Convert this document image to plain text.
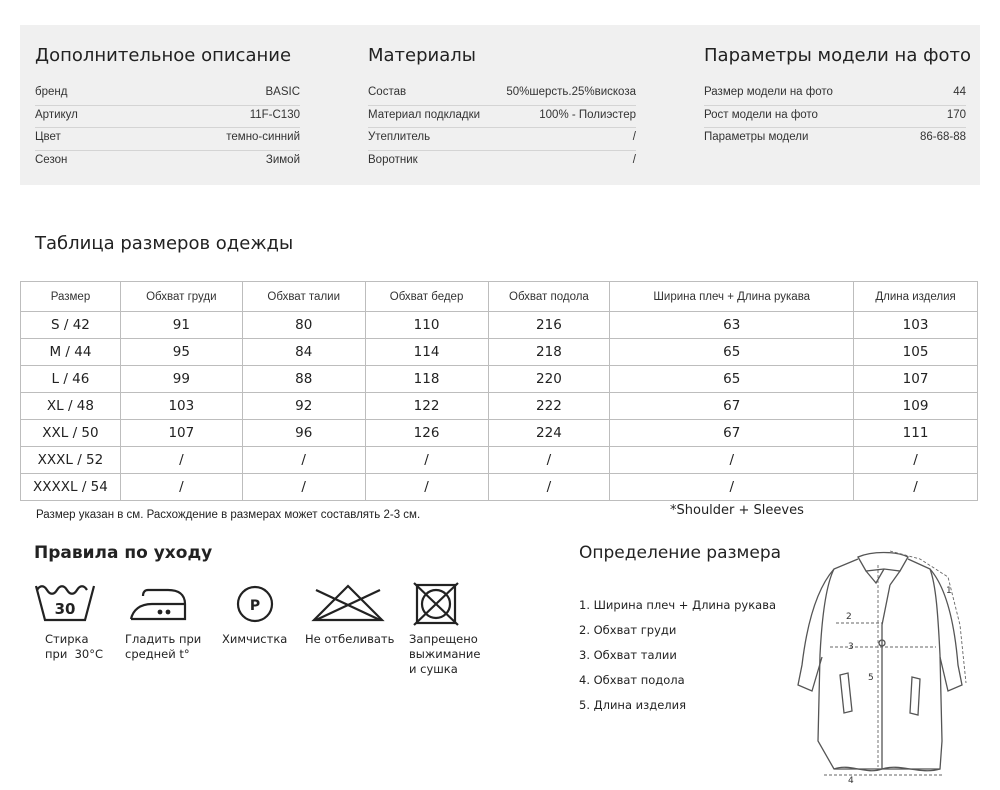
Дополнительное описание
бренд	BASIC
Артикул	11F-C130
Цвет	темно-синний
Сезон	Зимой
Материалы
Состав	50%шерсть.25%вискоза
Материал подкладки	100% - Полиэстер
Утеплитель	/
Воротник	/
Параметры модели на фото
Размер модели на фото	44
Рост модели на фото	170
Параметры модели	86-68-88
Таблица размеров одежды
Размер	Обхват груди	Обхват талии	Обхват бедер	Обхват подола	Ширина плеч + Длина рукава	Длина изделия
S / 42	91	80	110	216	63	103
M / 44	95	84	114	218	65	105
L / 46	99	88	118	220	65	107
XL / 48	103	92	122	222	67	109
XXL / 50	107	96	126	224	67	111
XXXL / 52	/	/	/	/	/	/
XXXXL / 54	/	/	/	/	/	/
Размер указан в см. Расхождение в размерах может составлять 2-3 см.	*Shoulder + Sleeves
Правила по уходу
30
Стирка
при  30°C
Гладить при
средней t°
P
Химчистка Не отбеливать Запрещено
выжимание
и сушка
Определение размера
1. Ширина плеч + Длина рукава
2. Обхват груди
3. Обхват талии
4. Обхват подола
5. Длина изделия
1
2
3
4
5
